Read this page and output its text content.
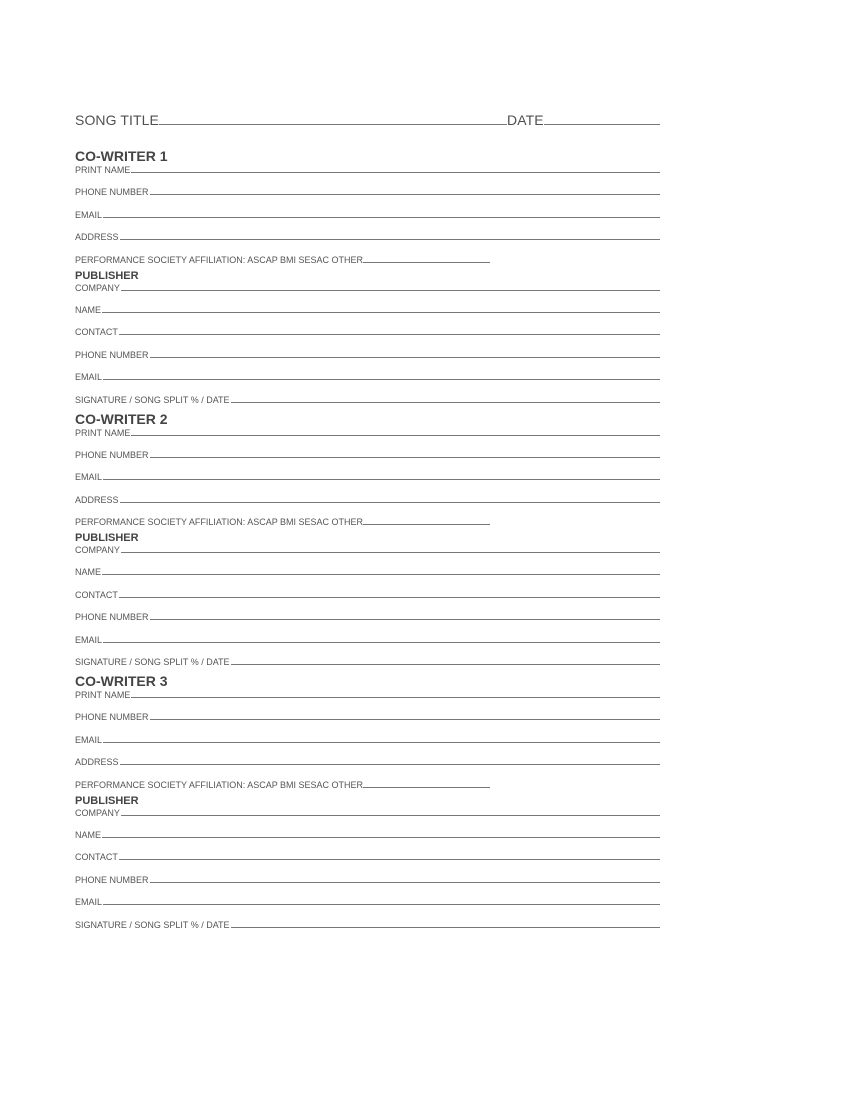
SONG TITLE	DATE
CO-WRITER 1
PRINT NAME
PHONE NUMBER
EMAIL
ADDRESS
PERFORMANCE SOCIETY AFFILIATION: ASCAP BMI SESAC OTHER
PUBLISHER
COMPANY
NAME
CONTACT
PHONE NUMBER
EMAIL
SIGNATURE / SONG SPLIT % / DATE
CO-WRITER 2
PRINT NAME
PHONE NUMBER
EMAIL
ADDRESS
PERFORMANCE SOCIETY AFFILIATION: ASCAP BMI SESAC OTHER
PUBLISHER
COMPANY
NAME
CONTACT
PHONE NUMBER
EMAIL
SIGNATURE / SONG SPLIT % / DATE
CO-WRITER 3
PRINT NAME
PHONE NUMBER
EMAIL
ADDRESS
PERFORMANCE SOCIETY AFFILIATION: ASCAP BMI SESAC OTHER
PUBLISHER
COMPANY
NAME
CONTACT
PHONE NUMBER
EMAIL
SIGNATURE / SONG SPLIT % / DATE
